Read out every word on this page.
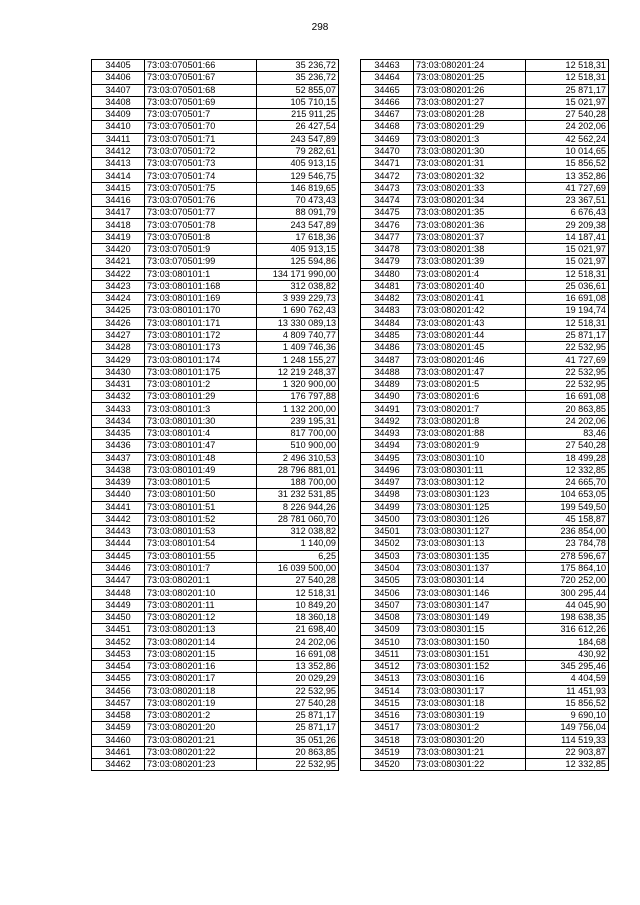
298
34405	73:03:070501:66	35 236,72
34406	73:03:070501:67	35 236,72
34407	73:03:070501:68	52 855,07
34408	73:03:070501:69	105 710,15
34409	73:03:070501:7	215 911,25
34410	73:03:070501:70	26 427,54
34411	73:03:070501:71	243 547,89
34412	73:03:070501:72	79 282,61
34413	73:03:070501:73	405 913,15
34414	73:03:070501:74	129 546,75
34415	73:03:070501:75	146 819,65
34416	73:03:070501:76	70 473,43
34417	73:03:070501:77	88 091,79
34418	73:03:070501:78	243 547,89
34419	73:03:070501:8	17 618,36
34420	73:03:070501:9	405 913,15
34421	73:03:070501:99	125 594,86
34422	73:03:080101:1	134 171 990,00
34423	73:03:080101:168	312 038,82
34424	73:03:080101:169	3 939 229,73
34425	73:03:080101:170	1 690 762,43
34426	73:03:080101:171	13 330 089,13
34427	73:03:080101:172	4 809 740,77
34428	73:03:080101:173	1 409 746,36
34429	73:03:080101:174	1 248 155,27
34430	73:03:080101:175	12 219 248,37
34431	73:03:080101:2	1 320 900,00
34432	73:03:080101:29	176 797,88
34433	73:03:080101:3	1 132 200,00
34434	73:03:080101:30	239 195,31
34435	73:03:080101:4	817 700,00
34436	73:03:080101:47	510 900,00
34437	73:03:080101:48	2 496 310,53
34438	73:03:080101:49	28 796 881,01
34439	73:03:080101:5	188 700,00
34440	73:03:080101:50	31 232 531,85
34441	73:03:080101:51	8 226 944,26
34442	73:03:080101:52	28 781 060,70
34443	73:03:080101:53	312 038,82
34444	73:03:080101:54	1 140,09
34445	73:03:080101:55	6,25
34446	73:03:080101:7	16 039 500,00
34447	73:03:080201:1	27 540,28
34448	73:03:080201:10	12 518,31
34449	73:03:080201:11	10 849,20
34450	73:03:080201:12	18 360,18
34451	73:03:080201:13	21 698,40
34452	73:03:080201:14	24 202,06
34453	73:03:080201:15	16 691,08
34454	73:03:080201:16	13 352,86
34455	73:03:080201:17	20 029,29
34456	73:03:080201:18	22 532,95
34457	73:03:080201:19	27 540,28
34458	73:03:080201:2	25 871,17
34459	73:03:080201:20	25 871,17
34460	73:03:080201:21	35 051,26
34461	73:03:080201:22	20 863,85
34462	73:03:080201:23	22 532,95
34463	73:03:080201:24	12 518,31
34464	73:03:080201:25	12 518,31
34465	73:03:080201:26	25 871,17
34466	73:03:080201:27	15 021,97
34467	73:03:080201:28	27 540,28
34468	73:03:080201:29	24 202,06
34469	73:03:080201:3	42 562,24
34470	73:03:080201:30	10 014,65
34471	73:03:080201:31	15 856,52
34472	73:03:080201:32	13 352,86
34473	73:03:080201:33	41 727,69
34474	73:03:080201:34	23 367,51
34475	73:03:080201:35	6 676,43
34476	73:03:080201:36	29 209,38
34477	73:03:080201:37	14 187,41
34478	73:03:080201:38	15 021,97
34479	73:03:080201:39	15 021,97
34480	73:03:080201:4	12 518,31
34481	73:03:080201:40	25 036,61
34482	73:03:080201:41	16 691,08
34483	73:03:080201:42	19 194,74
34484	73:03:080201:43	12 518,31
34485	73:03:080201:44	25 871,17
34486	73:03:080201:45	22 532,95
34487	73:03:080201:46	41 727,69
34488	73:03:080201:47	22 532,95
34489	73:03:080201:5	22 532,95
34490	73:03:080201:6	16 691,08
34491	73:03:080201:7	20 863,85
34492	73:03:080201:8	24 202,06
34493	73:03:080201:88	83,46
34494	73:03:080201:9	27 540,28
34495	73:03:080301:10	18 499,28
34496	73:03:080301:11	12 332,85
34497	73:03:080301:12	24 665,70
34498	73:03:080301:123	104 653,05
34499	73:03:080301:125	199 549,50
34500	73:03:080301:126	45 158,87
34501	73:03:080301:127	236 854,00
34502	73:03:080301:13	23 784,78
34503	73:03:080301:135	278 596,67
34504	73:03:080301:137	175 864,10
34505	73:03:080301:14	720 252,00
34506	73:03:080301:146	300 295,44
34507	73:03:080301:147	44 045,90
34508	73:03:080301:149	198 638,35
34509	73:03:080301:15	316 612,26
34510	73:03:080301:150	184,68
34511	73:03:080301:151	430,92
34512	73:03:080301:152	345 295,46
34513	73:03:080301:16	4 404,59
34514	73:03:080301:17	11 451,93
34515	73:03:080301:18	15 856,52
34516	73:03:080301:19	9 690,10
34517	73:03:080301:2	149 756,04
34518	73:03:080301:20	114 519,33
34519	73:03:080301:21	22 903,87
34520	73:03:080301:22	12 332,85
